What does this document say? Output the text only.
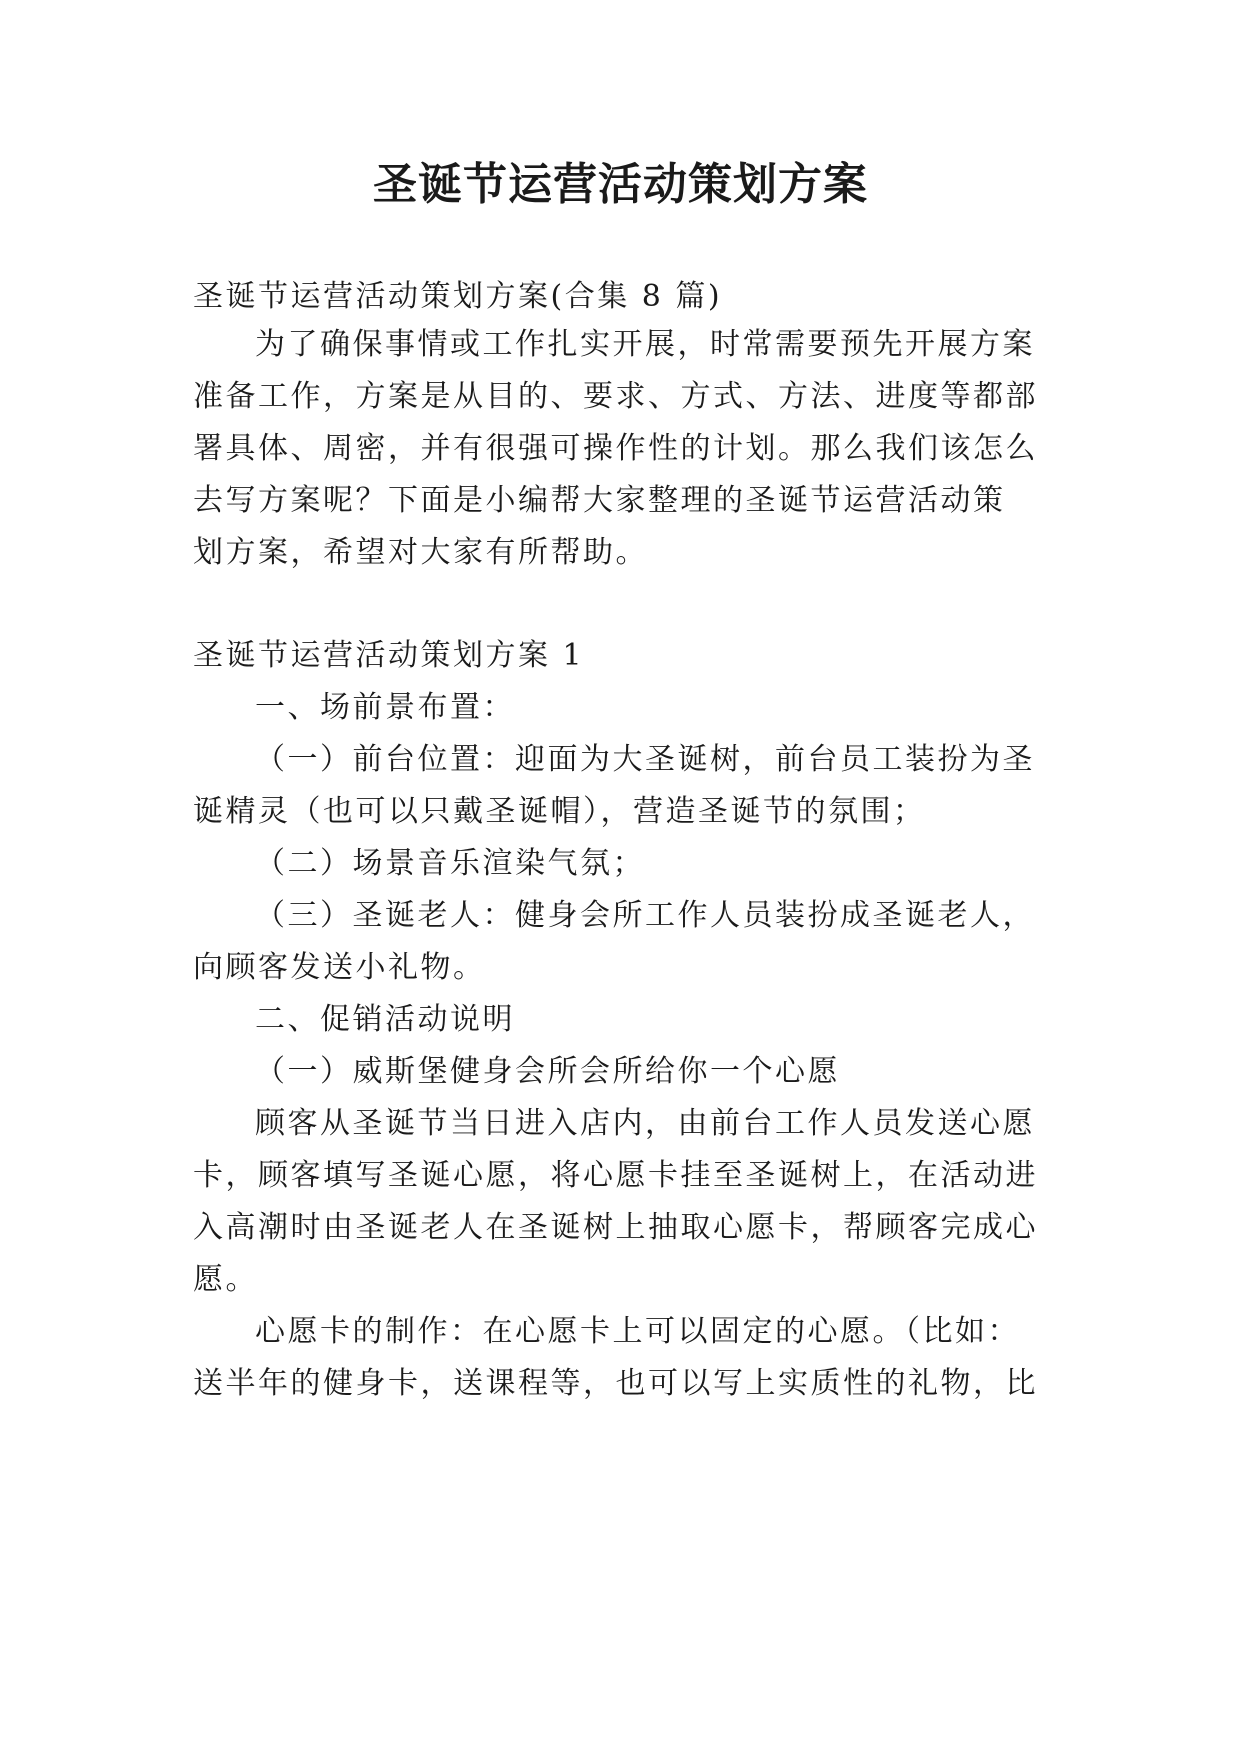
圣诞节运营活动策划方案
圣诞节运营活动策划方案(合集 8 篇)
为了确保事情或工作扎实开展，时常需要预先开展方案
准备工作，方案是从目的、要求、方式、方法、进度等都部
署具体、周密，并有很强可操作性的计划。那么我们该怎么
去写方案呢？下面是小编帮大家整理的圣诞节运营活动策
划方案，希望对大家有所帮助。
圣诞节运营活动策划方案 1
一、场前景布置：
（一）前台位置：迎面为大圣诞树，前台员工装扮为圣
诞精灵（也可以只戴圣诞帽），营造圣诞节的氛围；
（二）场景音乐渲染气氛；
（三）圣诞老人：健身会所工作人员装扮成圣诞老人，
向顾客发送小礼物。
二、促销活动说明
（一）威斯堡健身会所会所给你一个心愿
顾客从圣诞节当日进入店内，由前台工作人员发送心愿
卡，顾客填写圣诞心愿，将心愿卡挂至圣诞树上，在活动进
入高潮时由圣诞老人在圣诞树上抽取心愿卡，帮顾客完成心
愿。
心愿卡的制作：在心愿卡上可以固定的心愿。（比如：
送半年的健身卡，送课程等，也可以写上实质性的礼物，比
